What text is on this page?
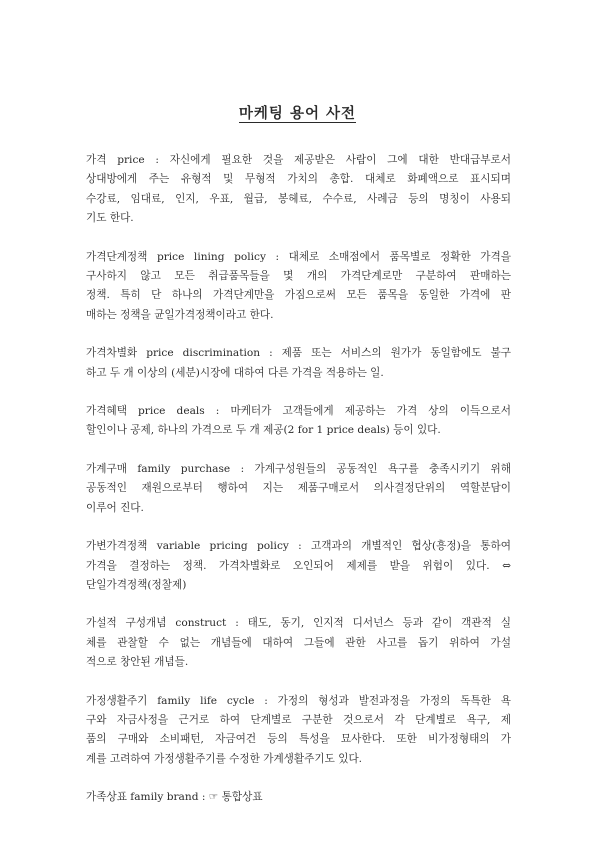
마케팅 용어 사전
가격 price : 자신에게 필요한 것을 제공받은 사람이 그에 대한 반대급부로서
상대방에게 주는 유형적 및 무형적 가치의 총합. 대체로 화폐액으로 표시되며
수강료, 임대료, 인지, 우표, 월급, 봉헤료, 수수료, 사례금 등의 명칭이 사용되
기도 한다.
가격단계정책 price lining policy : 대체로 소매점에서 품목별로 정확한 가격을
구사하지 않고 모든 취급품목들을 몇 개의 가격단계로만 구분하여 판매하는
정책. 특히 단 하나의 가격단계만을 가짐으로써 모든 품목을 동일한 가격에 판
매하는 정책을 균일가격정책이라고 한다.
가격차별화 price discrimination : 제품 또는 서비스의 원가가 동일함에도 불구
하고 두 개 이상의 (세분)시장에 대하여 다른 가격을 적용하는 일.
가격혜택 price deals : 마케터가 고객들에게 제공하는 가격 상의 이득으로서
할인이나 공제, 하나의 가격으로 두 개 제공(2 for 1 price deals) 등이 있다.
가계구매 family purchase : 가계구성원들의 공동적인 욕구를 충족시키기 위해
공동적인 재원으로부터 행하여 지는 제품구매로서 의사결정단위의 역할분담이
이루어 진다.
가변가격정책 variable pricing policy : 고객과의 개별적인 협상(흥정)을 통하여
가격을 결정하는 정책. 가격차별화로 오인되어 제제를 받을 위험이 있다. ⇔
단일가격정책(정찰제)
가설적 구성개념 construct : 태도, 동기, 인지적 디서넌스 등과 같이 객관적 실
체를 관찰할 수 없는 개념들에 대하여 그들에 관한 사고를 돕기 위하여 가설
적으로 창안된 개념들.
가정생활주기 family life cycle : 가정의 형성과 발전과정을 가정의 독특한 욕
구와 자금사정을 근거로 하여 단계별로 구분한 것으로서 각 단계별로 욕구, 제
품의 구매와 소비패턴, 자금여건 등의 특성을 묘사한다. 또한 비가정형태의 가
계를 고려하여 가정생활주기를 수정한 가계생활주기도 있다.
가족상표 family brand : ☞ 통합상표
